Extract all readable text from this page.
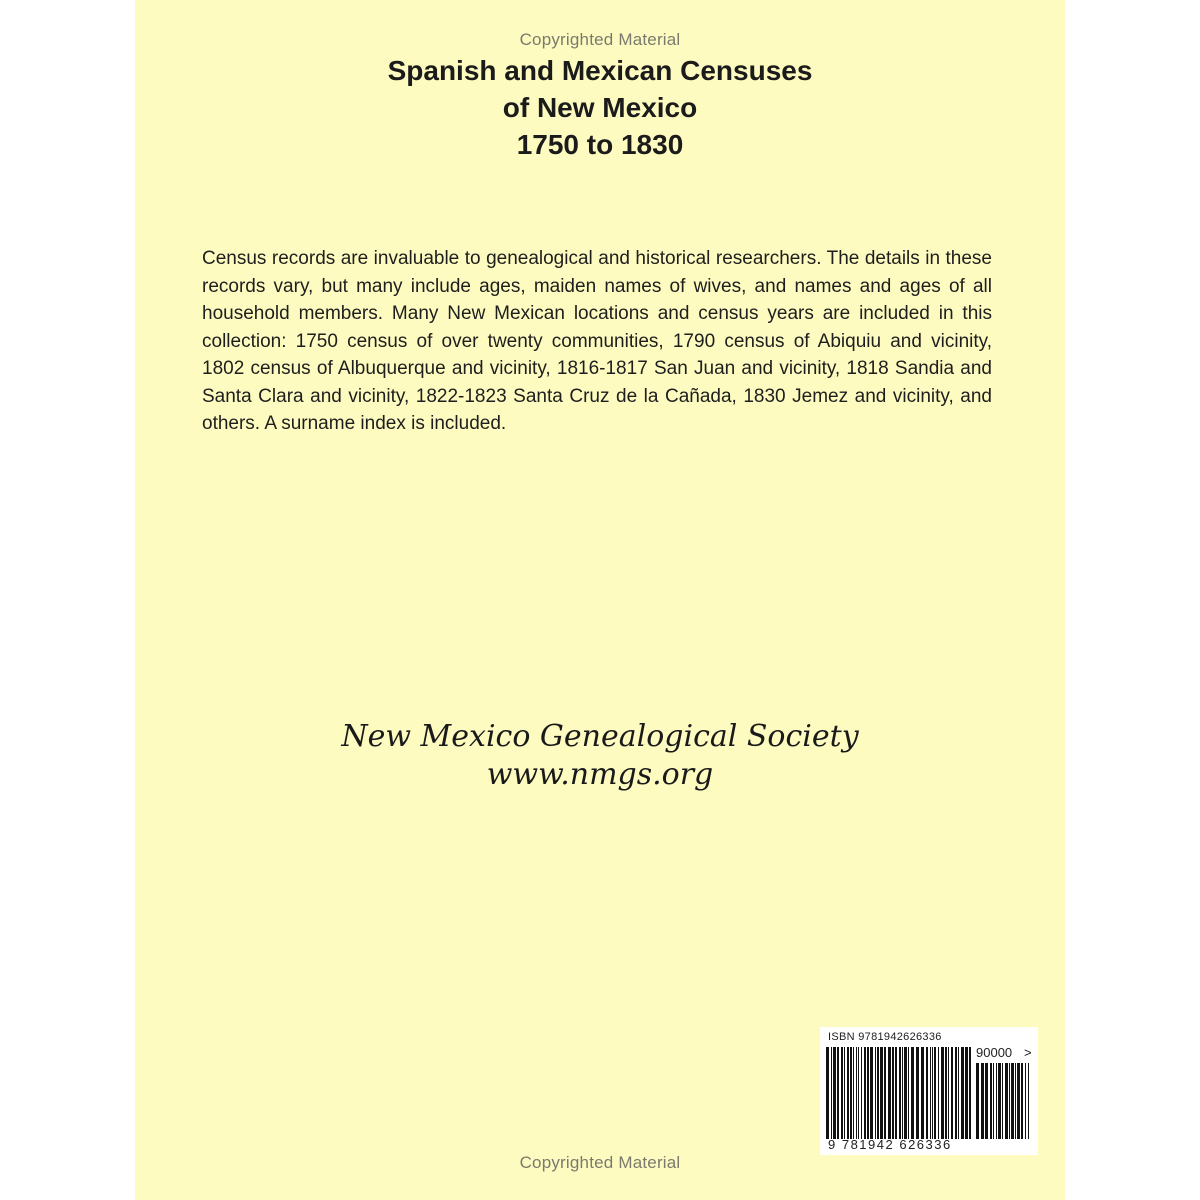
Copyrighted Material
Spanish and Mexican Censuses
of New Mexico
1750 to 1830

Census records are invaluable to genealogical and historical researchers. The details in these records vary, but many include ages, maiden names of wives, and names and ages of all household members. Many New Mexican locations and census years are included in this collection: 1750 census of over twenty communities, 1790 census of Abiquiu and vicinity, 1802 census of Albuquerque and vicinity, 1816-1817 San Juan and vicinity, 1818 Sandia and Santa Clara and vicinity, 1822-1823 Santa Cruz de la Cañada, 1830 Jemez and vicinity, and others. A surname index is included.

New Mexico Genealogical Society
www.nmgs.org
ISBN 9781942626336
90000 >
9 781942 626336
Copyrighted Material
